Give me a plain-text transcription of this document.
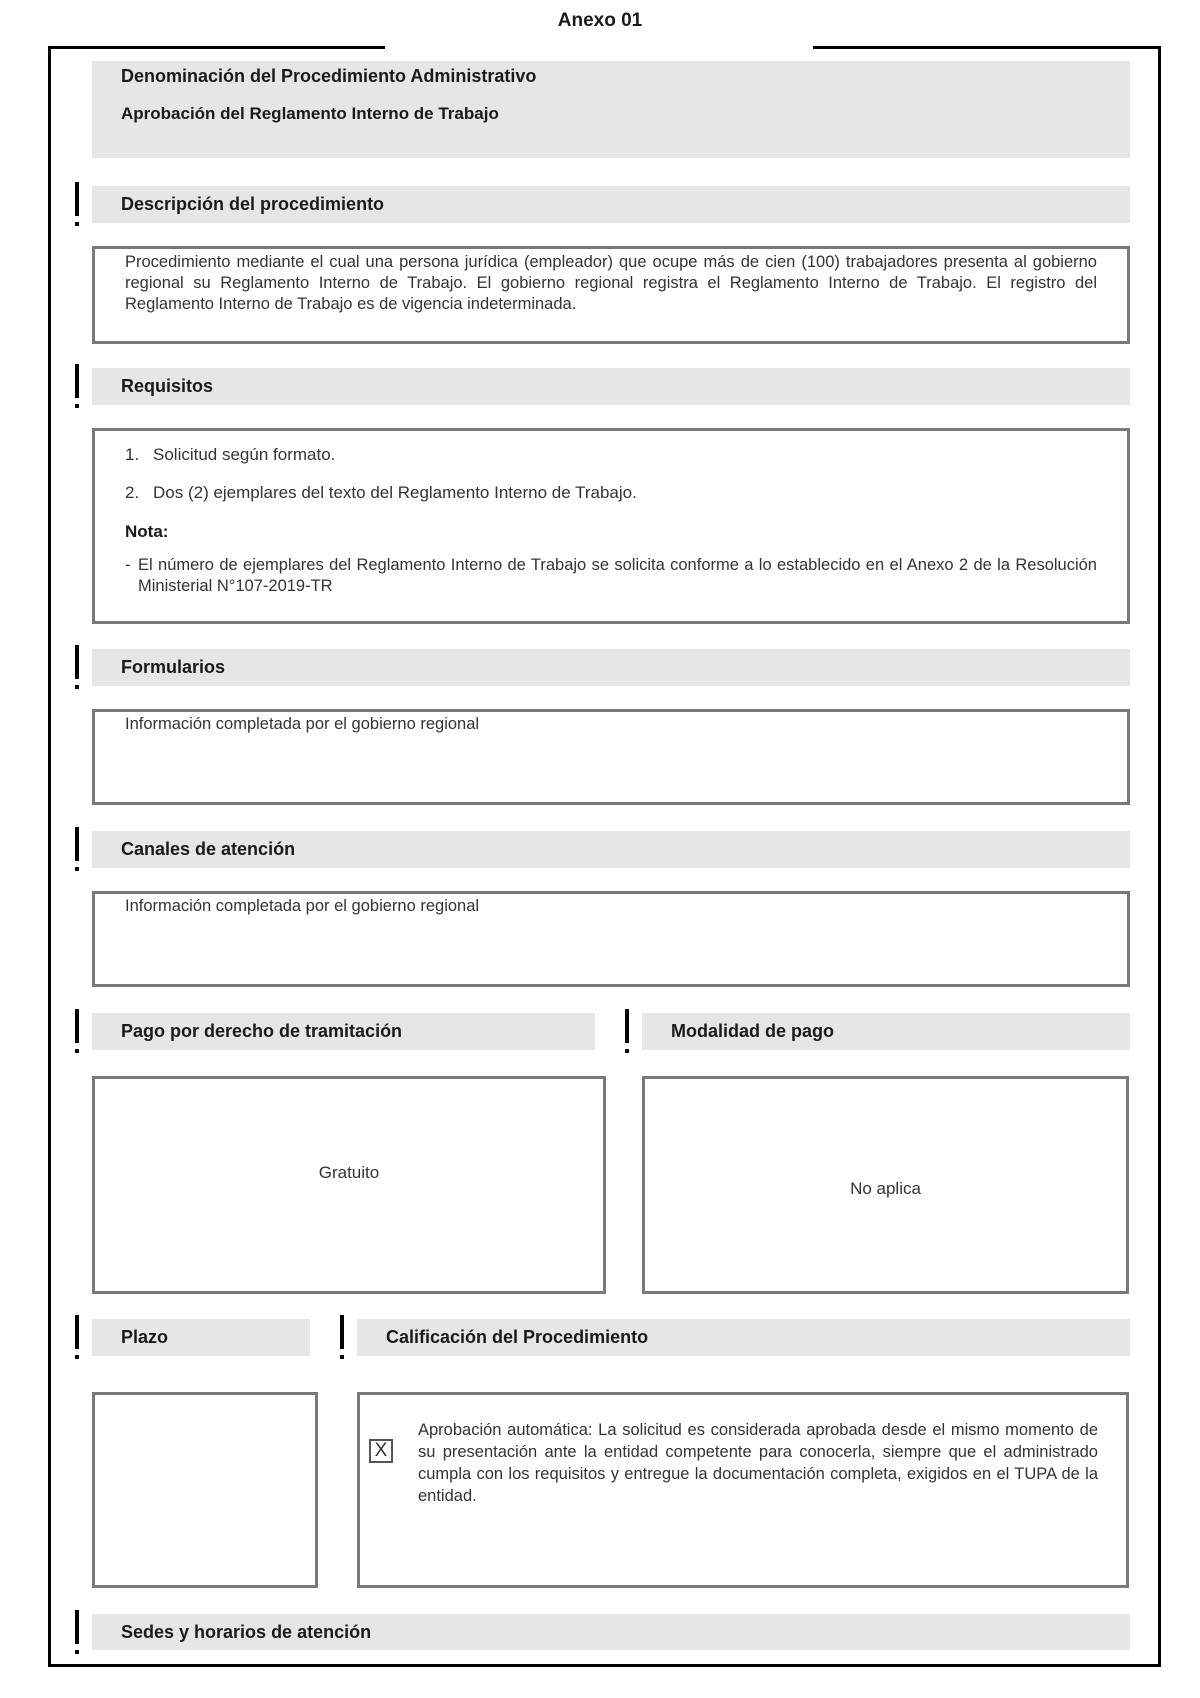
Anexo 01
Denominación del Procedimiento Administrativo
Aprobación del Reglamento Interno de Trabajo
Descripción del procedimiento
Procedimiento mediante el cual una persona jurídica (empleador) que ocupe más de cien (100) trabajadores presenta al gobierno regional su Reglamento Interno de Trabajo. El gobierno regional registra el Reglamento Interno de Trabajo. El registro del Reglamento Interno de Trabajo es de vigencia indeterminada.
Requisitos
1. Solicitud según formato.
2. Dos (2) ejemplares del texto del Reglamento Interno de Trabajo.
Nota:
- El número de ejemplares del Reglamento Interno de Trabajo se solicita conforme a lo establecido en el Anexo 2 de la Resolución Ministerial N°107-2019-TR
Formularios
Información completada por el gobierno regional
Canales de atención
Información completada por el gobierno regional
Pago por derecho de tramitación
Gratuito
Modalidad de pago
No aplica
Plazo	Calificación del Procedimiento
X
Aprobación automática: La solicitud es considerada aprobada desde el mismo momento de su presentación ante la entidad competente para conocerla, siempre que el administrado cumpla con los requisitos y entregue la documentación completa, exigidos en el TUPA de la entidad.
Sedes y horarios de atención
